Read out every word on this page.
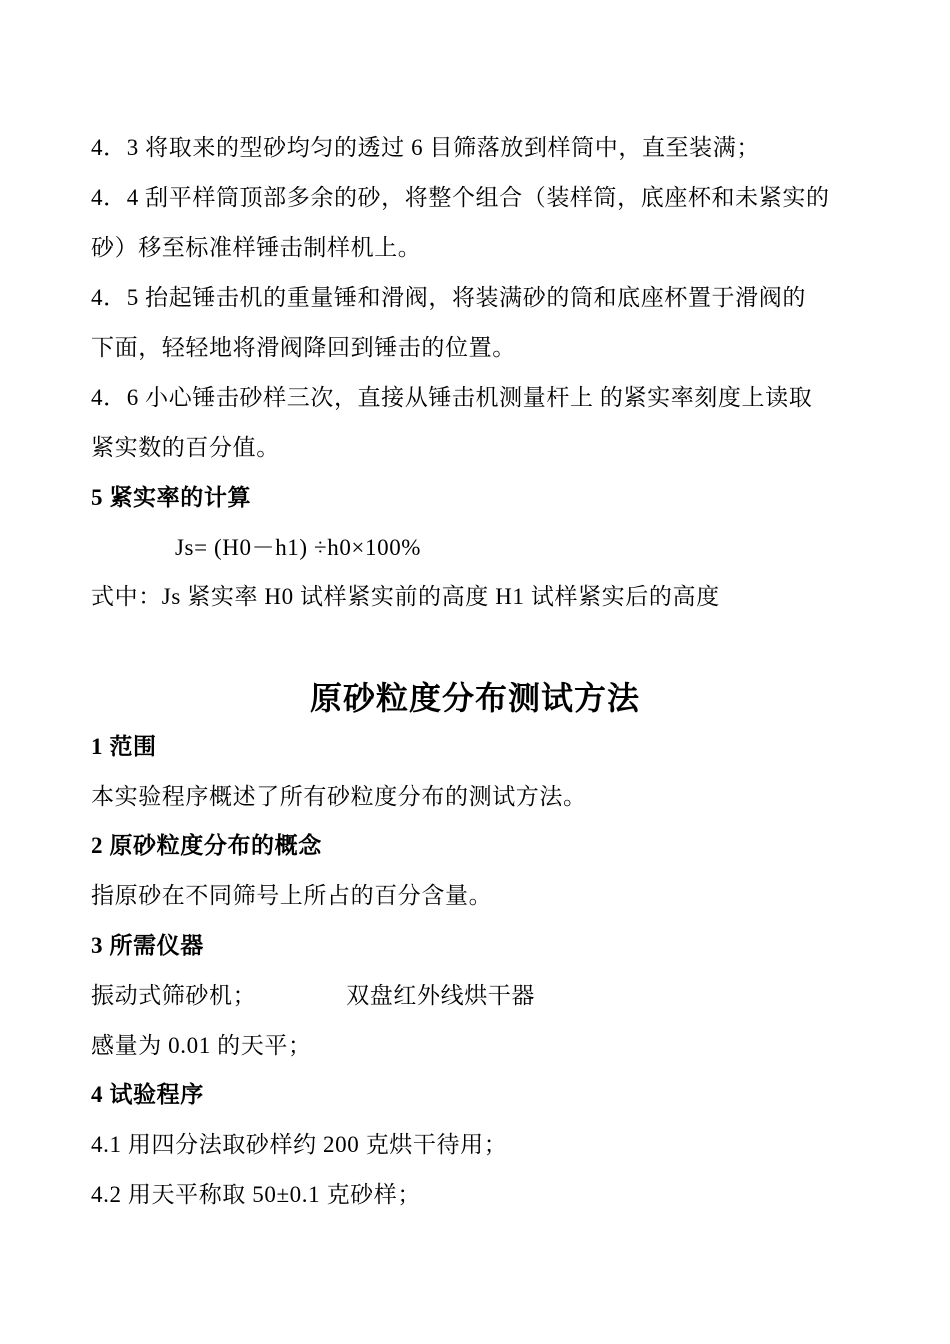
4．3 将取来的型砂均匀的透过 6 目筛落放到样筒中，直至装满；
4．4 刮平样筒顶部多余的砂，将整个组合（装样筒，底座杯和未紧实的
砂）移至标准样锤击制样机上。
4．5 抬起锤击机的重量锤和滑阀，将装满砂的筒和底座杯置于滑阀的
下面，轻轻地将滑阀降回到锤击的位置。
4．6 小心锤击砂样三次，直接从锤击机测量杆上 的紧实率刻度上读取
紧实数的百分值。
5 紧实率的计算
Js= (H0－h1) ÷h0×100%
式中：Js 紧实率 H0 试样紧实前的高度 H1 试样紧实后的高度
原砂粒度分布测试方法
1 范围
本实验程序概述了所有砂粒度分布的测试方法。
2 原砂粒度分布的概念
指原砂在不同筛号上所占的百分含量。
3 所需仪器
振动式筛砂机；	双盘红外线烘干器
感量为 0.01 的天平；
4 试验程序
4.1 用四分法取砂样约 200 克烘干待用；
4.2 用天平称取 50±0.1 克砂样；
